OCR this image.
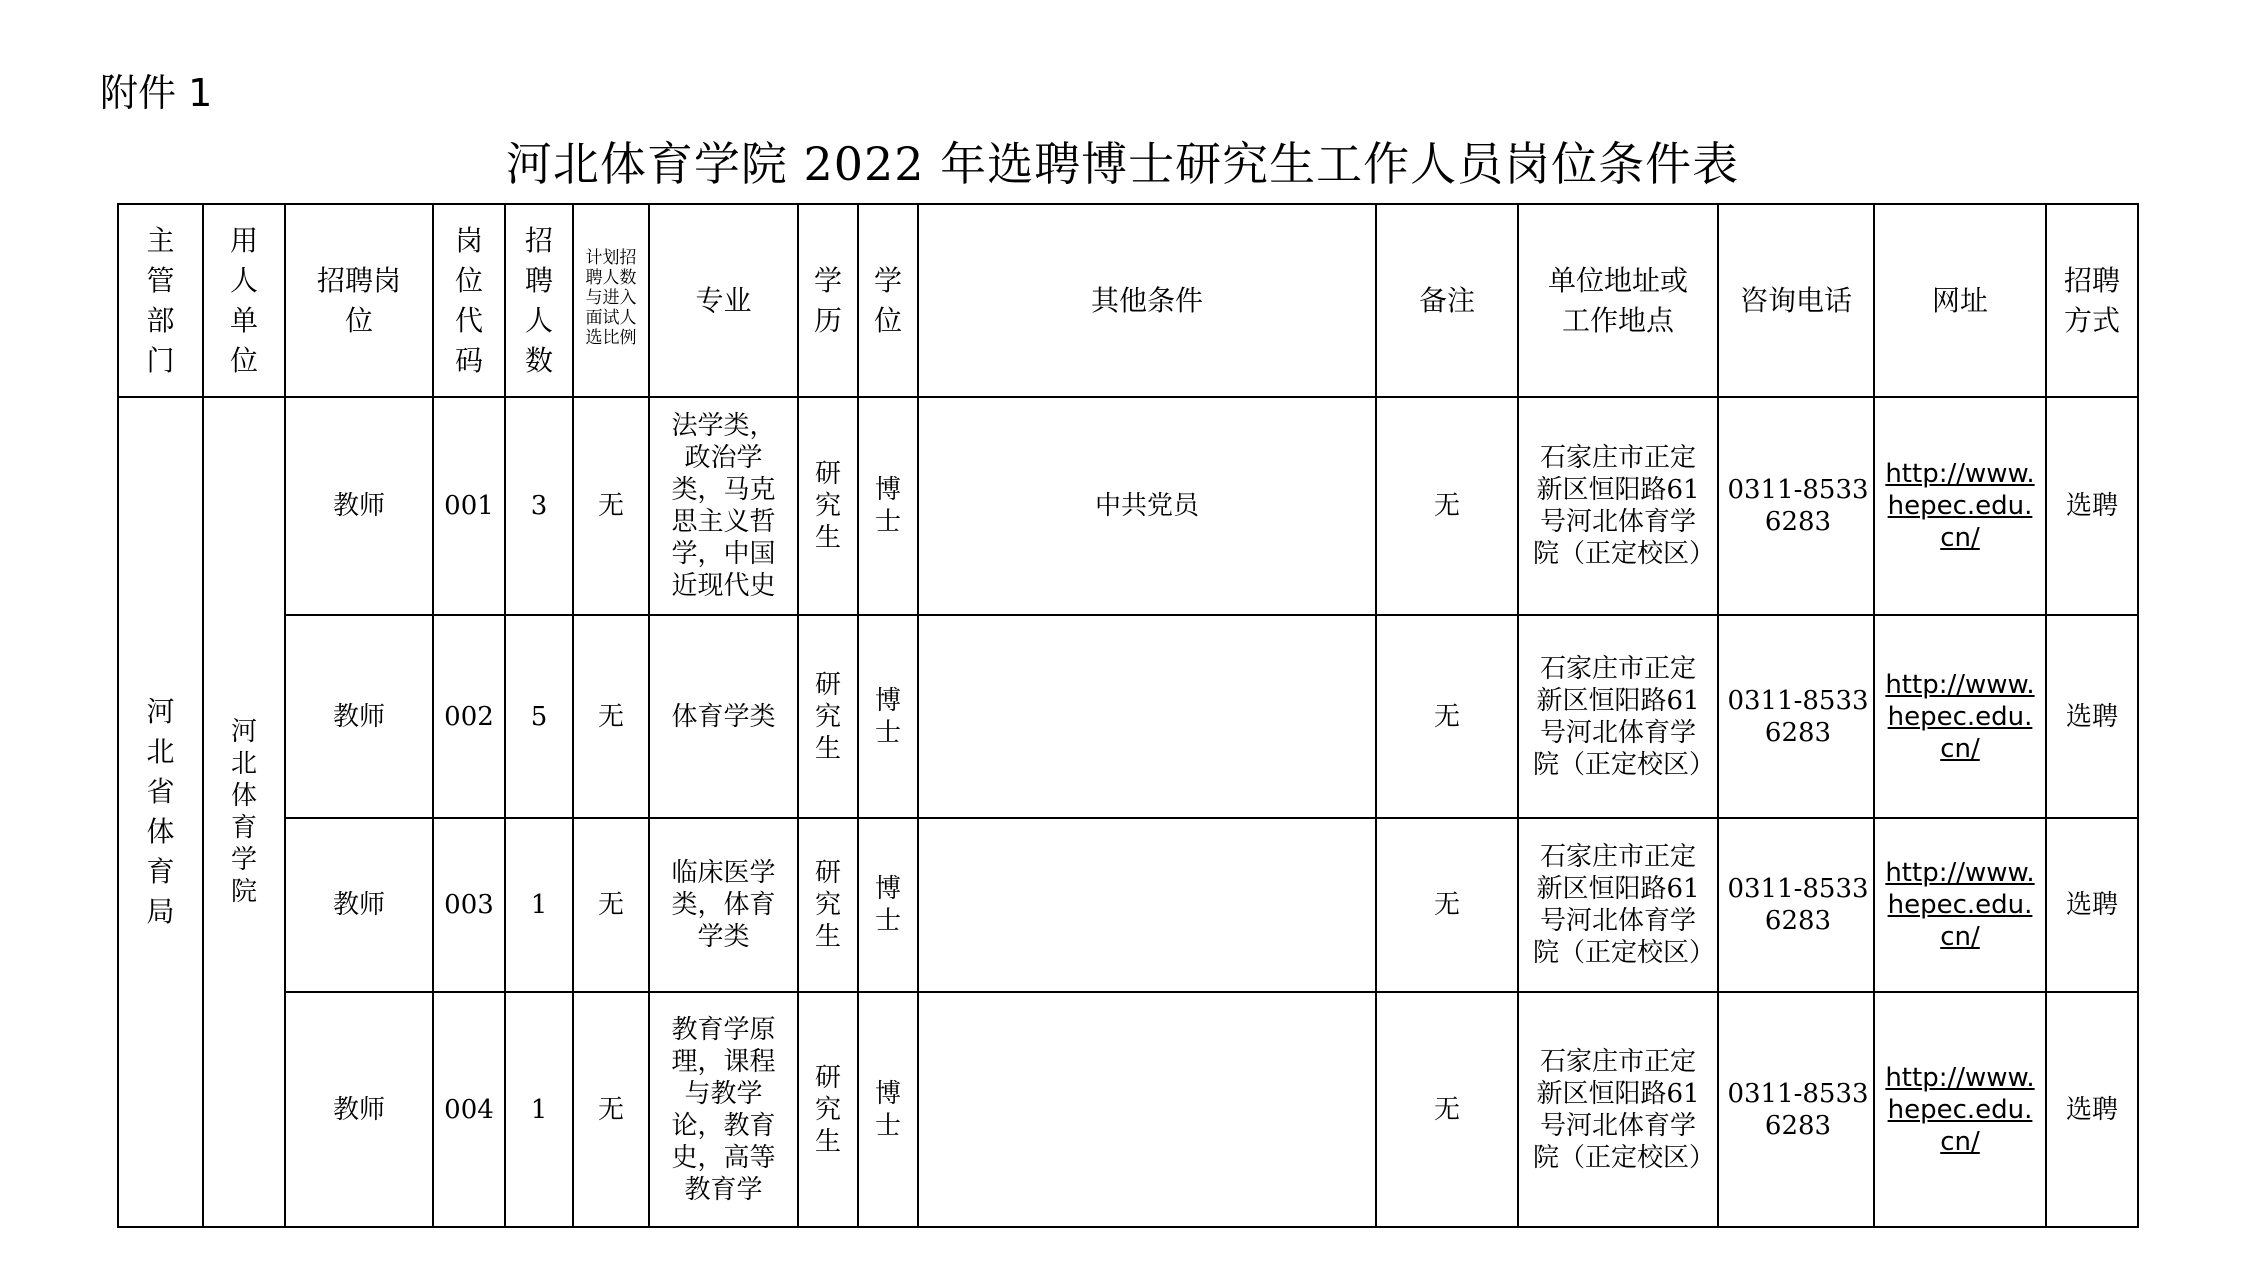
附件 1
河北体育学院 2022 年选聘博士研究生工作人员岗位条件表
主管部门	用人单位	招聘岗位	岗位代码	招聘人数	计划招聘人数与进入面试人选比例	专业	学历	学位	其他条件	备注	单位地址或工作地点	咨询电话	网址	招聘方式
河北省体育局	河北体育学院	教师	001	3	无	法学类，政治学类，马克思主义哲学，中国近现代史	研究生	博士	中共党员	无	石家庄市正定新区恒阳路61 号河北体育学院（正定校区）	0311-85336283	http://www.hepec.edu.cn/	选聘
		教师	002	5	无	体育学类	研究生	博士		无	石家庄市正定新区恒阳路61 号河北体育学院（正定校区）	0311-85336283	http://www.hepec.edu.cn/	选聘
		教师	003	1	无	临床医学类，体育学类	研究生	博士		无	石家庄市正定新区恒阳路61 号河北体育学院（正定校区）	0311-85336283	http://www.hepec.edu.cn/	选聘
		教师	004	1	无	教育学原理，课程与教学论，教育史，高等教育学	研究生	博士		无	石家庄市正定新区恒阳路61 号河北体育学院（正定校区）	0311-85336283	http://www.hepec.edu.cn/	选聘
